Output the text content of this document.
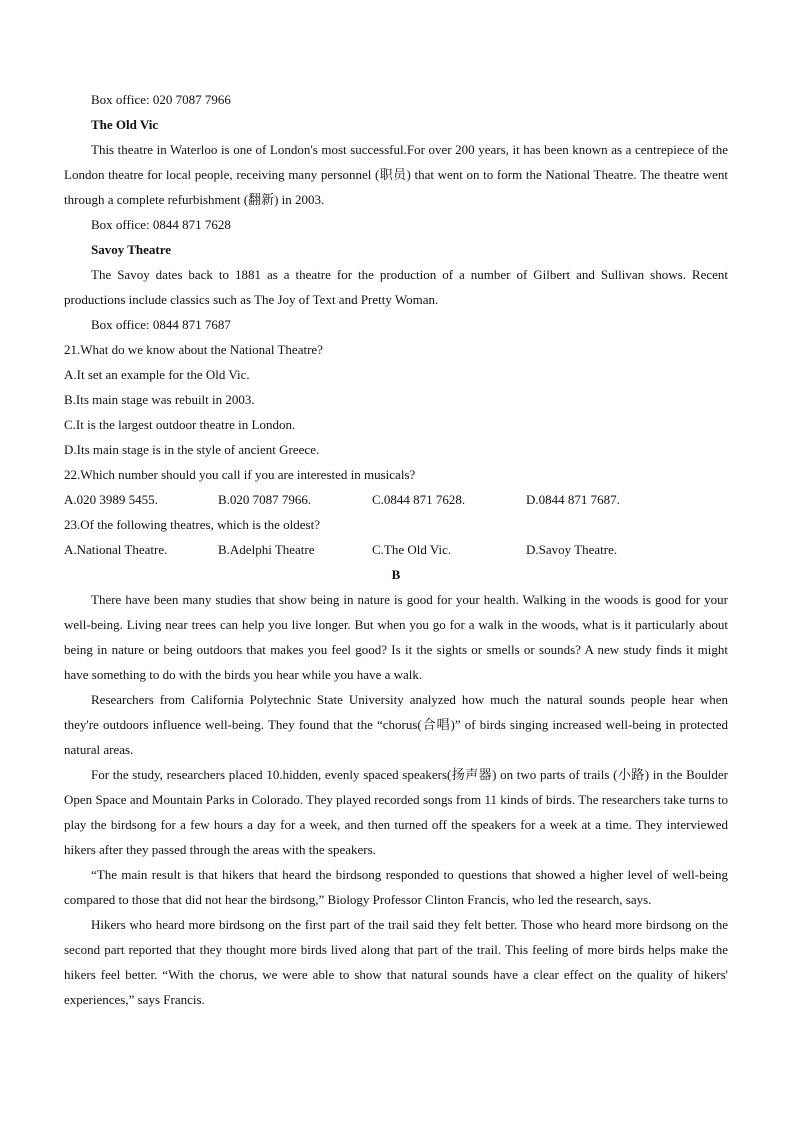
Box office: 020 7087 7966
The Old Vic
This theatre in Waterloo is one of London's most successful.For over 200 years, it has been known as a centrepiece of the London theatre for local people, receiving many personnel (职员) that went on to form the National Theatre. The theatre went through a complete refurbishment (翻新) in 2003.
Box office: 0844 871 7628
Savoy Theatre
The Savoy dates back to 1881 as a theatre for the production of a number of Gilbert and Sullivan shows. Recent productions include classics such as The Joy of Text and Pretty Woman.
Box office: 0844 871 7687
21.What do we know about the National Theatre?
A.It set an example for the Old Vic.
B.Its main stage was rebuilt in 2003.
C.It is the largest outdoor theatre in London.
D.Its main stage is in the style of ancient Greece.
22.Which number should you call if you are interested in musicals?
A.020 3989 5455.	B.020 7087 7966.	C.0844 871 7628.	D.0844 871 7687.
23.Of the following theatres, which is the oldest?
A.National Theatre.	B.Adelphi Theatre	C.The Old Vic.	D.Savoy Theatre.
B
There have been many studies that show being in nature is good for your health. Walking in the woods is good for your well-being. Living near trees can help you live longer. But when you go for a walk in the woods, what is it particularly about being in nature or being outdoors that makes you feel good? Is it the sights or smells or sounds? A new study finds it might have something to do with the birds you hear while you have a walk.
Researchers from California Polytechnic State University analyzed how much the natural sounds people hear when they're outdoors influence well-being. They found that the “chorus(合唱)” of birds singing increased well-being in protected natural areas.
For the study, researchers placed 10.hidden, evenly spaced speakers(扬声器) on two parts of trails (小路) in the Boulder Open Space and Mountain Parks in Colorado. They played recorded songs from 11 kinds of birds. The researchers take turns to play the birdsong for a few hours a day for a week, and then turned off the speakers for a week at a time. They interviewed hikers after they passed through the areas with the speakers.
“The main result is that hikers that heard the birdsong responded to questions that showed a higher level of well-being compared to those that did not hear the birdsong,” Biology Professor Clinton Francis, who led the research, says.
Hikers who heard more birdsong on the first part of the trail said they felt better. Those who heard more birdsong on the second part reported that they thought more birds lived along that part of the trail. This feeling of more birds helps make the hikers feel better. “With the chorus, we were able to show that natural sounds have a clear effect on the quality of hikers' experiences,” says Francis.
